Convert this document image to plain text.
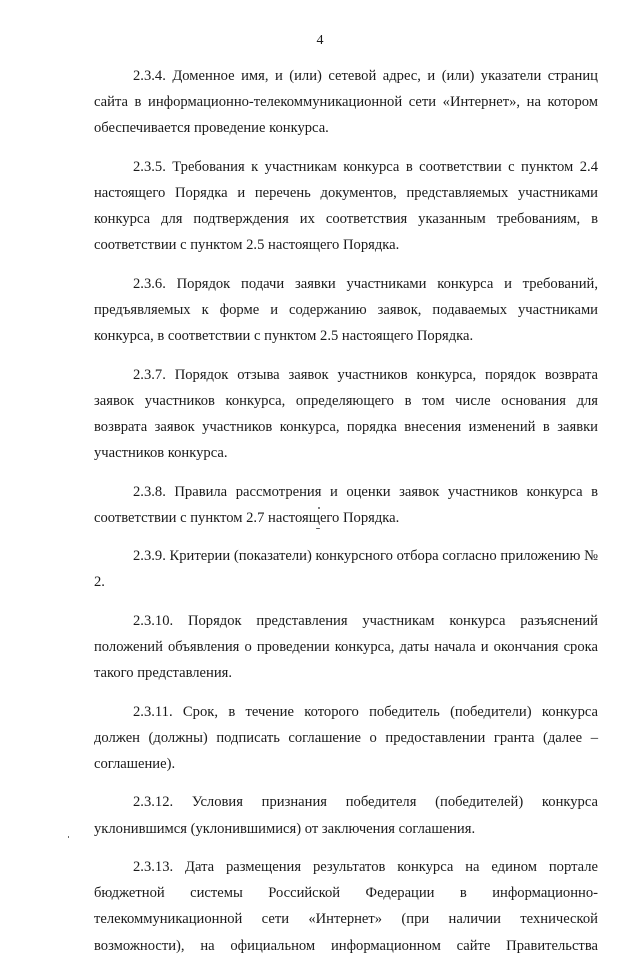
4

2.3.4. Доменное имя, и (или) сетевой адрес, и (или) указатели страниц сайта в информационно-телекоммуникационной сети «Интернет», на котором обеспечивается проведение конкурса.

2.3.5. Требования к участникам конкурса в соответствии с пунктом 2.4 настоящего Порядка и перечень документов, представляемых участниками конкурса для подтверждения их соответствия указанным требованиям, в соответствии с пунктом 2.5 настоящего Порядка.

2.3.6. Порядок подачи заявки участниками конкурса и требований, предъявляемых к форме и содержанию заявок, подаваемых участниками конкурса, в соответствии с пунктом 2.5 настоящего Порядка.

2.3.7. Порядок отзыва заявок участников конкурса, порядок возврата заявок участников конкурса, определяющего в том числе основания для возврата заявок участников конкурса, порядка внесения изменений в заявки участников конкурса.

2.3.8. Правила рассмотрения и оценки заявок участников конкурса в соответствии с пунктом 2.7 настоящего Порядка.

2.3.9. Критерии (показатели) конкурсного отбора согласно приложению № 2.

2.3.10. Порядок представления участникам конкурса разъяснений положений объявления о проведении конкурса, даты начала и окончания срока такого представления.

2.3.11. Срок, в течение которого победитель (победители) конкурса должен (должны) подписать соглашение о предоставлении гранта (далее – соглашение).

2.3.12. Условия признания победителя (победителей) конкурса уклонившимся (уклонившимися) от заключения соглашения.

2.3.13. Дата размещения результатов конкурса на едином портале бюджетной системы Российской Федерации в информационно-телекоммуникационной сети «Интернет» (при наличии технической возможности), на официальном информационном сайте Правительства
